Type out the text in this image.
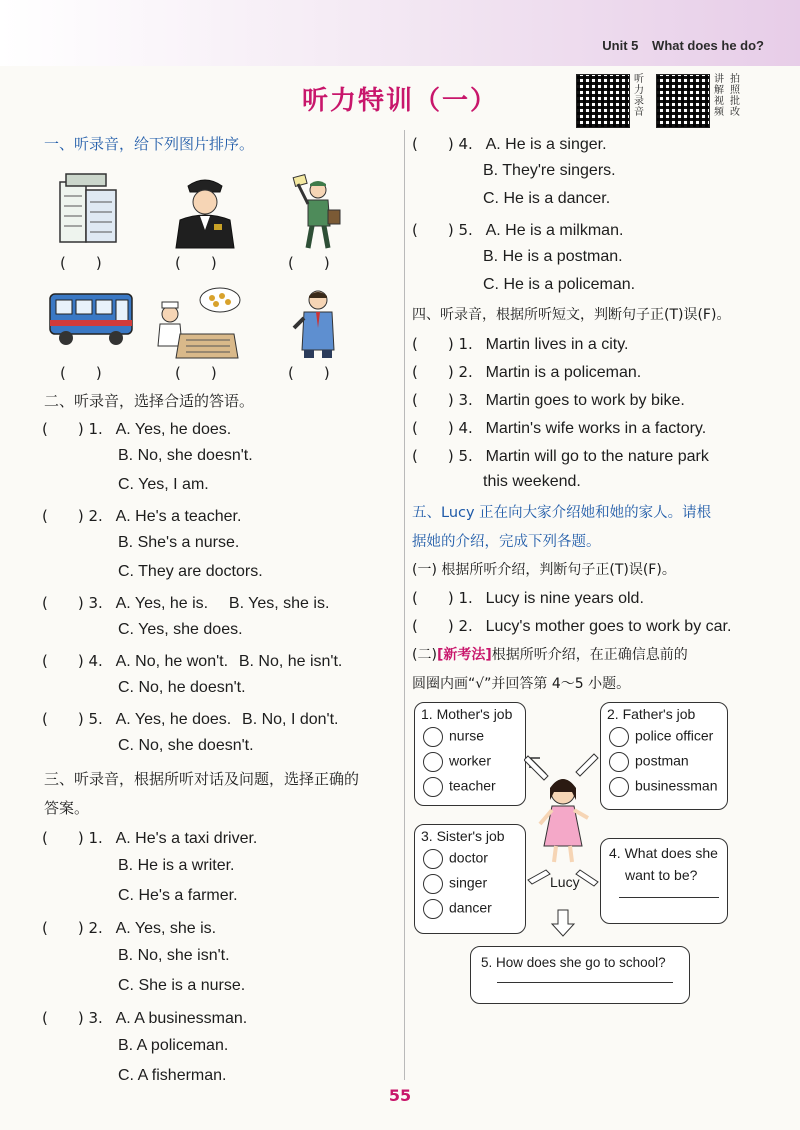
Unit 5 What does he do?
听力特训（一）
听力录音
讲解视频
拍照批改
一、听录音，给下列图片排序。
(　　)	(　　)	(　　)
(　　)	(　　)	(　　)
二、听录音，选择合适的答语。
(　　) 1. A. Yes, he does.
B. No, she doesn't.
C. Yes, I am.
(　　) 2. A. He's a teacher.
B. She's a nurse.
C. They are doctors.
(　　) 3. A. Yes, he is. B. Yes, she is.
C. Yes, she does.
(　　) 4. A. No, he won't. B. No, he isn't.
C. No, he doesn't.
(　　) 5. A. Yes, he does. B. No, I don't.
C. No, she doesn't.
三、听录音，根据所听对话及问题，选择正确的
答案。
(　　) 1. A. He's a taxi driver.
B. He is a writer.
C. He's a farmer.
(　　) 2. A. Yes, she is.
B. No, she isn't.
C. She is a nurse.
(　　) 3. A. A businessman.
B. A policeman.
C. A fisherman.
(　　) 4. A. He is a singer.
B. They're singers.
C. He is a dancer.
(　　) 5. A. He is a milkman.
B. He is a postman.
C. He is a policeman.
四、听录音，根据所听短文，判断句子正(T)误(F)。
(　　) 1. Martin lives in a city.
(　　) 2. Martin is a policeman.
(　　) 3. Martin goes to work by bike.
(　　) 4. Martin's wife works in a factory.
(　　) 5. Martin will go to the nature park
this weekend.
五、Lucy 正在向大家介绍她和她的家人。请根
据她的介绍，完成下列各题。
(一) 根据所听介绍，判断句子正(T)误(F)。
(　　) 1. Lucy is nine years old.
(　　) 2. Lucy's mother goes to work by car.
(二)[新考法]根据所听介绍，在正确信息前的
圆圈内画“√”并回答第 4～5 小题。
1. Mother's job
nurse
worker
teacher
2. Father's job
police officer
postman
businessman
3. Sister's job
doctor
singer
dancer
4. What does she
want to be?
Lucy
5. How does she go to school?
55
